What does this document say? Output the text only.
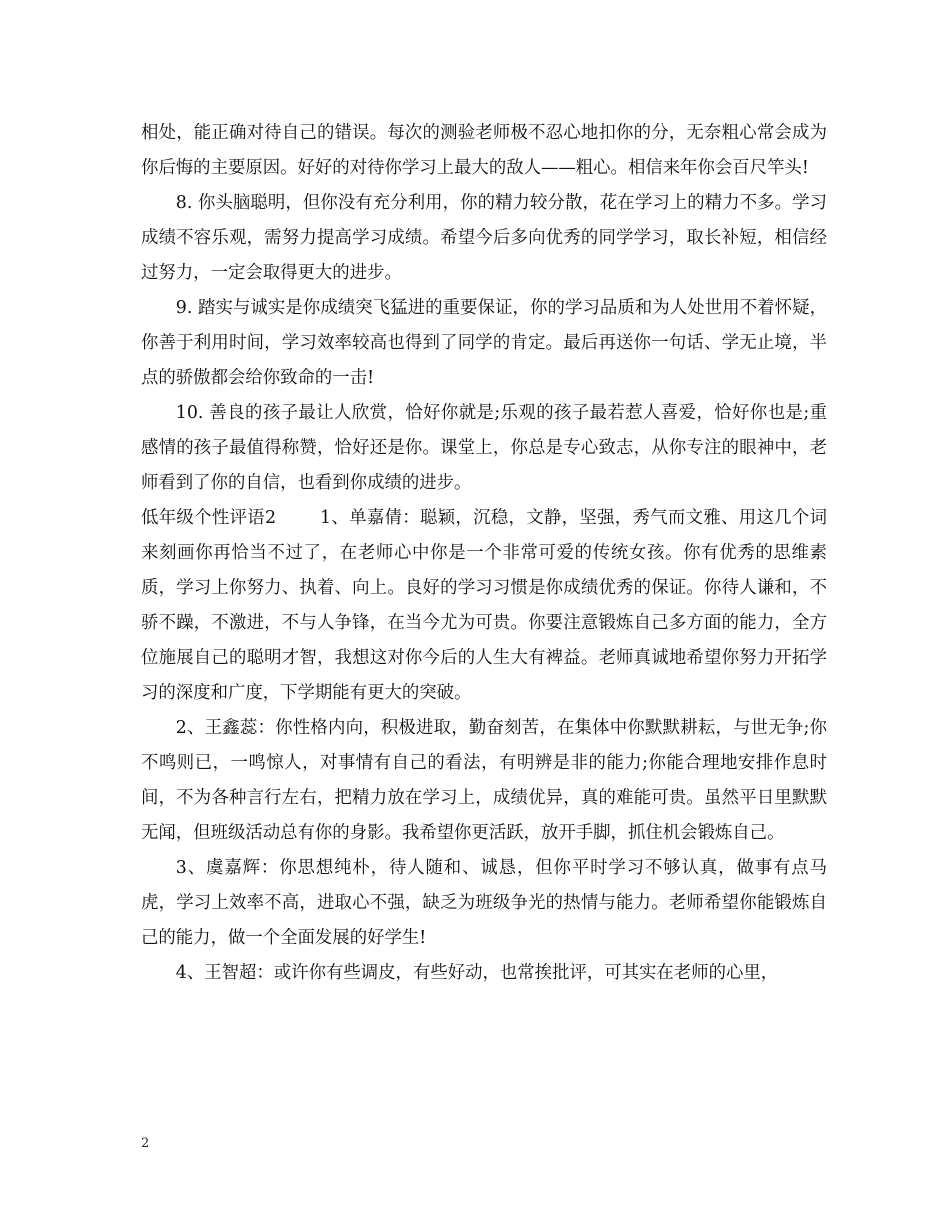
相处，能正确对待自己的错误。每次的测验老师极不忍心地扣你的分，无奈粗心常会成为你后悔的主要原因。好好的对待你学习上最大的敌人——粗心。相信来年你会百尺竿头!

8. 你头脑聪明，但你没有充分利用，你的精力较分散，花在学习上的精力不多。学习成绩不容乐观，需努力提高学习成绩。希望今后多向优秀的同学学习，取长补短，相信经过努力，一定会取得更大的进步。

9. 踏实与诚实是你成绩突飞猛进的重要保证，你的学习品质和为人处世用不着怀疑，你善于利用时间，学习效率较高也得到了同学的肯定。最后再送你一句话、学无止境，半点的骄傲都会给你致命的一击!

10. 善良的孩子最让人欣赏，恰好你就是;乐观的孩子最若惹人喜爱，恰好你也是;重感情的孩子最值得称赞，恰好还是你。课堂上，你总是专心致志，从你专注的眼神中，老师看到了你的自信，也看到你成绩的进步。

低年级个性评语2	1、单嘉倩：聪颖，沉稳，文静，坚强，秀气而文雅、用这几个词来刻画你再恰当不过了，在老师心中你是一个非常可爱的传统女孩。你有优秀的思维素质，学习上你努力、执着、向上。良好的学习习惯是你成绩优秀的保证。你待人谦和，不骄不躁，不激进，不与人争锋，在当今尤为可贵。你要注意锻炼自己多方面的能力，全方位施展自己的聪明才智，我想这对你今后的人生大有裨益。老师真诚地希望你努力开拓学习的深度和广度，下学期能有更大的突破。

2、王鑫蕊：你性格内向，积极进取，勤奋刻苦，在集体中你默默耕耘，与世无争;你不鸣则已，一鸣惊人，对事情有自己的看法，有明辨是非的能力;你能合理地安排作息时间，不为各种言行左右，把精力放在学习上，成绩优异，真的难能可贵。虽然平日里默默无闻，但班级活动总有你的身影。我希望你更活跃，放开手脚，抓住机会锻炼自己。

3、虞嘉辉：你思想纯朴，待人随和、诚恳，但你平时学习不够认真，做事有点马虎，学习上效率不高，进取心不强，缺乏为班级争光的热情与能力。老师希望你能锻炼自己的能力，做一个全面发展的好学生!

4、王智超：或许你有些调皮，有些好动，也常挨批评，可其实在老师的心里，

2
